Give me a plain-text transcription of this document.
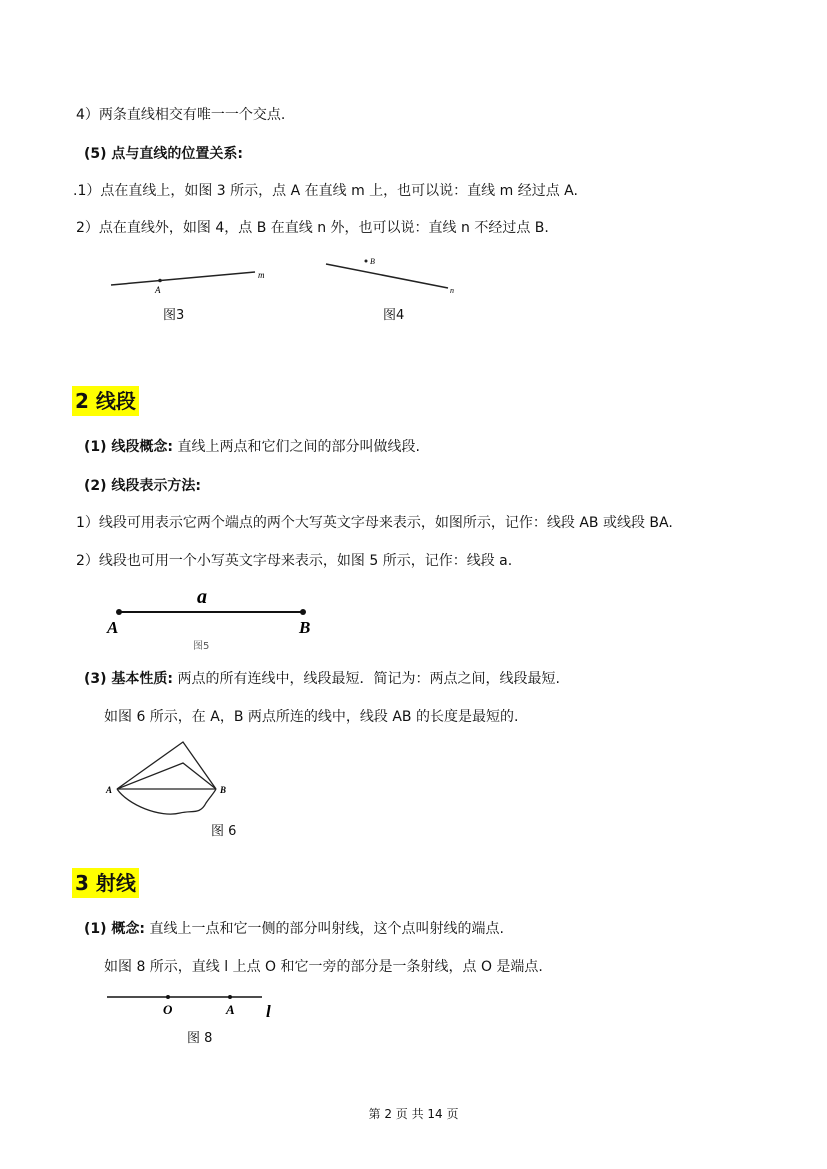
4）两条直线相交有唯一一个交点.
(5) 点与直线的位置关系:
.1）点在直线上，如图 3 所示，点 A 在直线 m 上，也可以说：直线 m 经过点 A.
2）点在直线外，如图 4，点 B 在直线 n 外，也可以说：直线 n 不经过点 B.
A
m
图3
B
n
图4
2 线段
(1) 线段概念: 直线上两点和它们之间的部分叫做线段.
(2) 线段表示方法:
1）线段可用表示它两个端点的两个大写英文字母来表示，如图所示，记作：线段 AB 或线段 BA.
2）线段也可用一个小写英文字母来表示，如图 5 所示，记作：线段 a.
a
A	B
图5
(3) 基本性质: 两点的所有连线中，线段最短．简记为：两点之间，线段最短.
如图 6 所示，在 A，B 两点所连的线中，线段 AB 的长度是最短的.
A	B
图 6
3 射线
(1) 概念: 直线上一点和它一侧的部分叫射线，这个点叫射线的端点.
如图 8 所示，直线 l 上点 O 和它一旁的部分是一条射线，点 O 是端点.
O	A l
图 8
第 2 页 共 14 页
